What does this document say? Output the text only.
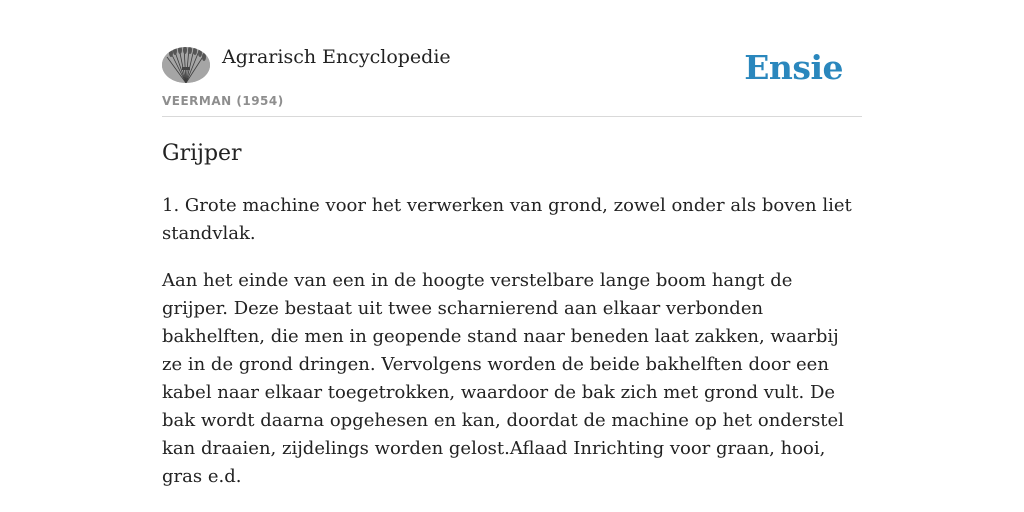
Agrarisch Encyclopedie
VEERMAN (1954)
Ensie
Grijper

1. Grote machine voor het verwerken van grond, zowel onder als boven liet standvlak.

Aan het einde van een in de hoogte verstelbare lange boom hangt de grijper. Deze bestaat uit twee scharnierend aan elkaar verbonden bakhelften, die men in geopende stand naar beneden laat zakken, waarbij ze in de grond dringen. Vervolgens worden de beide bakhelften door een kabel naar elkaar toegetrokken, waardoor de bak zich met grond vult. De bak wordt daarna opgehesen en kan, doordat de machine op het onderstel kan draaien, zijdelings worden gelost.Aflaad Inrichting voor graan, hooi, gras e.d.
